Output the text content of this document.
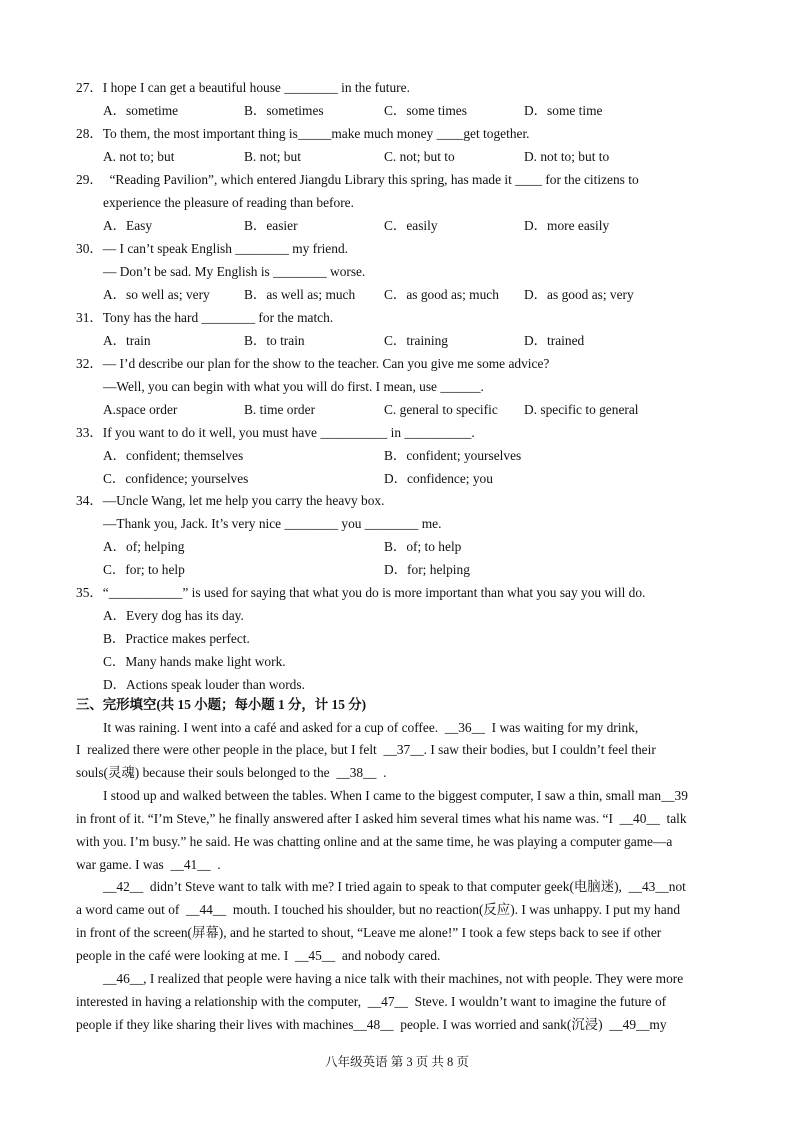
27．I hope I can get a beautiful house ________ in the future.
A．sometime	B．sometimes	C．some times	D．some time
28．To them, the most important thing is_____make much money ____get together.
A. not to; but	B. not; but	C. not; but to	D. not to; but to
29．  “Reading Pavilion”, which entered Jiangdu Library this spring, has made it ____ for the citizens to
experience the pleasure of reading than before.
A．Easy	B．easier	C．easily	D．more easily
30．— I can’t speak English ________ my friend.
— Don’t be sad. My English is ________ worse.
A．so well as; very	B．as well as; much C．as good as; much D．as good as; very
31．Tony has the hard ________ for the match.
A．train	B．to train	C．training	D．trained
32．— I’d describe our plan for the show to the teacher. Can you give me some advice?
—Well, you can begin with what you will do first. I mean, use ______.
A.space order	B. time order	C. general to specific D. specific to general
33．If you want to do it well, you must have __________ in __________.
A．confident; themselves	B．confident; yourselves
C．confidence; yourselves	D．confidence; you
34．—Uncle Wang, let me help you carry the heavy box.
—Thank you, Jack. It’s very nice ________ you ________ me.
A．of; helping	B．of; to help
C．for; to help	D．for; helping
35．“___________” is used for saying that what you do is more important than what you say you will do.
A．Every dog has its day.
B．Practice makes perfect.
C．Many hands make light work.
D．Actions speak louder than words.
三、完形填空(共 15 小题；每小题 1 分，计 15 分)
It was raining. I went into a café and asked for a cup of coffee.  __36__  I was waiting for my drink,
I  realized there were other people in the place, but I felt  __37__. I saw their bodies, but I couldn’t feel their
souls(灵魂) because their souls belonged to the  __38__  .
I stood up and walked between the tables. When I came to the biggest computer, I saw a thin, small man__39
in front of it. “I’m Steve,” he finally answered after I asked him several times what his name was. “I  __40__  talk
with you. I’m busy.” he said. He was chatting online and at the same time, he was playing a computer game—a
war game. I was  __41__  .
__42__  didn’t Steve want to talk with me? I tried again to speak to that computer geek(电脑迷),  __43__not
a word came out of  __44__  mouth. I touched his shoulder, but no reaction(反应). I was unhappy. I put my hand
in front of the screen(屏幕), and he started to shout, “Leave me alone!” I took a few steps back to see if other
people in the café were looking at me. I  __45__  and nobody cared.
__46__, I realized that people were having a nice talk with their machines, not with people. They were more
interested in having a relationship with the computer,  __47__  Steve. I wouldn’t want to imagine the future of
people if they like sharing their lives with machines__48__  people. I was worried and sank(沉浸)  __49__my
八年级英语 第 3 页 共 8 页
